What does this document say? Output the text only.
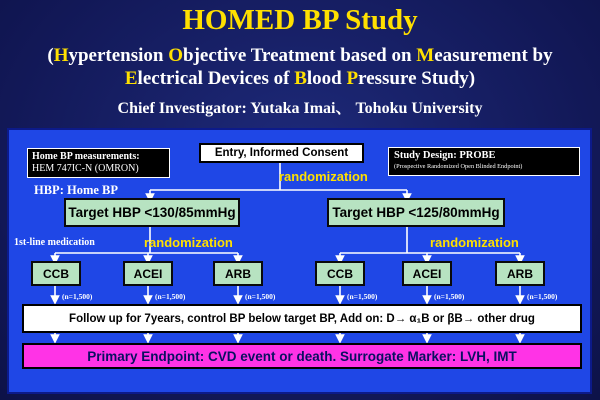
HOMED BP Study
(Hypertension Objective Treatment based on Measurement by
Electrical Devices of Blood Pressure Study)
Chief Investigator: Yutaka Imai、 Tohoku University
Home BP measurements:
HEM 747IC-N (OMRON)
Study Design: PROBE
(Prospective Randomized Open Blinded Endpoint)
Entry, Informed Consent
randomization
randomization	randomization
HBP: Home BP
1st-line medication
Target HBP <130/85mmHg	Target HBP <125/80mmHg
CCB	ACEI	ARB	CCB	ACEI	ARB
(n=1,500)	(n=1,500)	(n=1,500)	(n=1,500)	(n=1,500)	(n=1,500)
Follow up for 7years, control BP below target BP, Add on: D→ α₁B or βB→ other drug
Primary Endpoint: CVD event or death. Surrogate Marker: LVH, IMT
